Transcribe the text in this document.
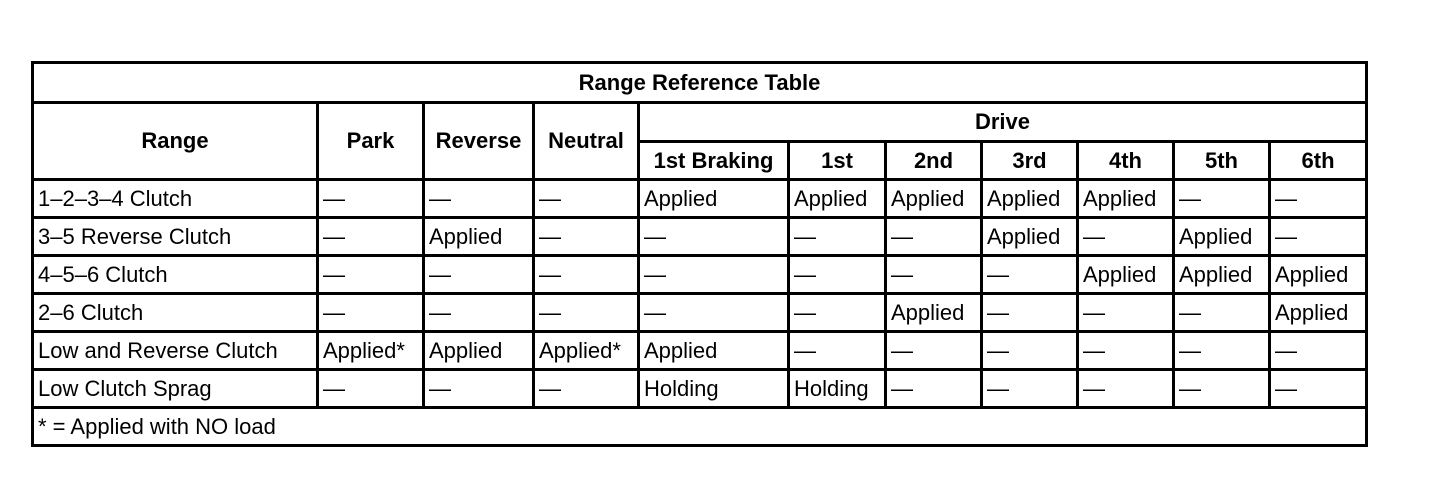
Range Reference Table										
Range	Park	Reverse	Neutral	Drive						
				1st Braking	1st	2nd	3rd	4th	5th	6th
1–2–3–4 Clutch	—	—	—	Applied	Applied	Applied	Applied	Applied	—	—
3–5 Reverse Clutch	—	Applied	—	—	—	—	Applied	—	Applied	—
4–5–6 Clutch	—	—	—	—	—	—	—	Applied	Applied	Applied
2–6 Clutch	—	—	—	—	—	Applied	—	—	—	Applied
Low and Reverse Clutch	Applied*	Applied	Applied*	Applied	—	—	—	—	—	—
Low Clutch Sprag	—	—	—	Holding	Holding	—	—	—	—	—
* = Applied with NO load										
